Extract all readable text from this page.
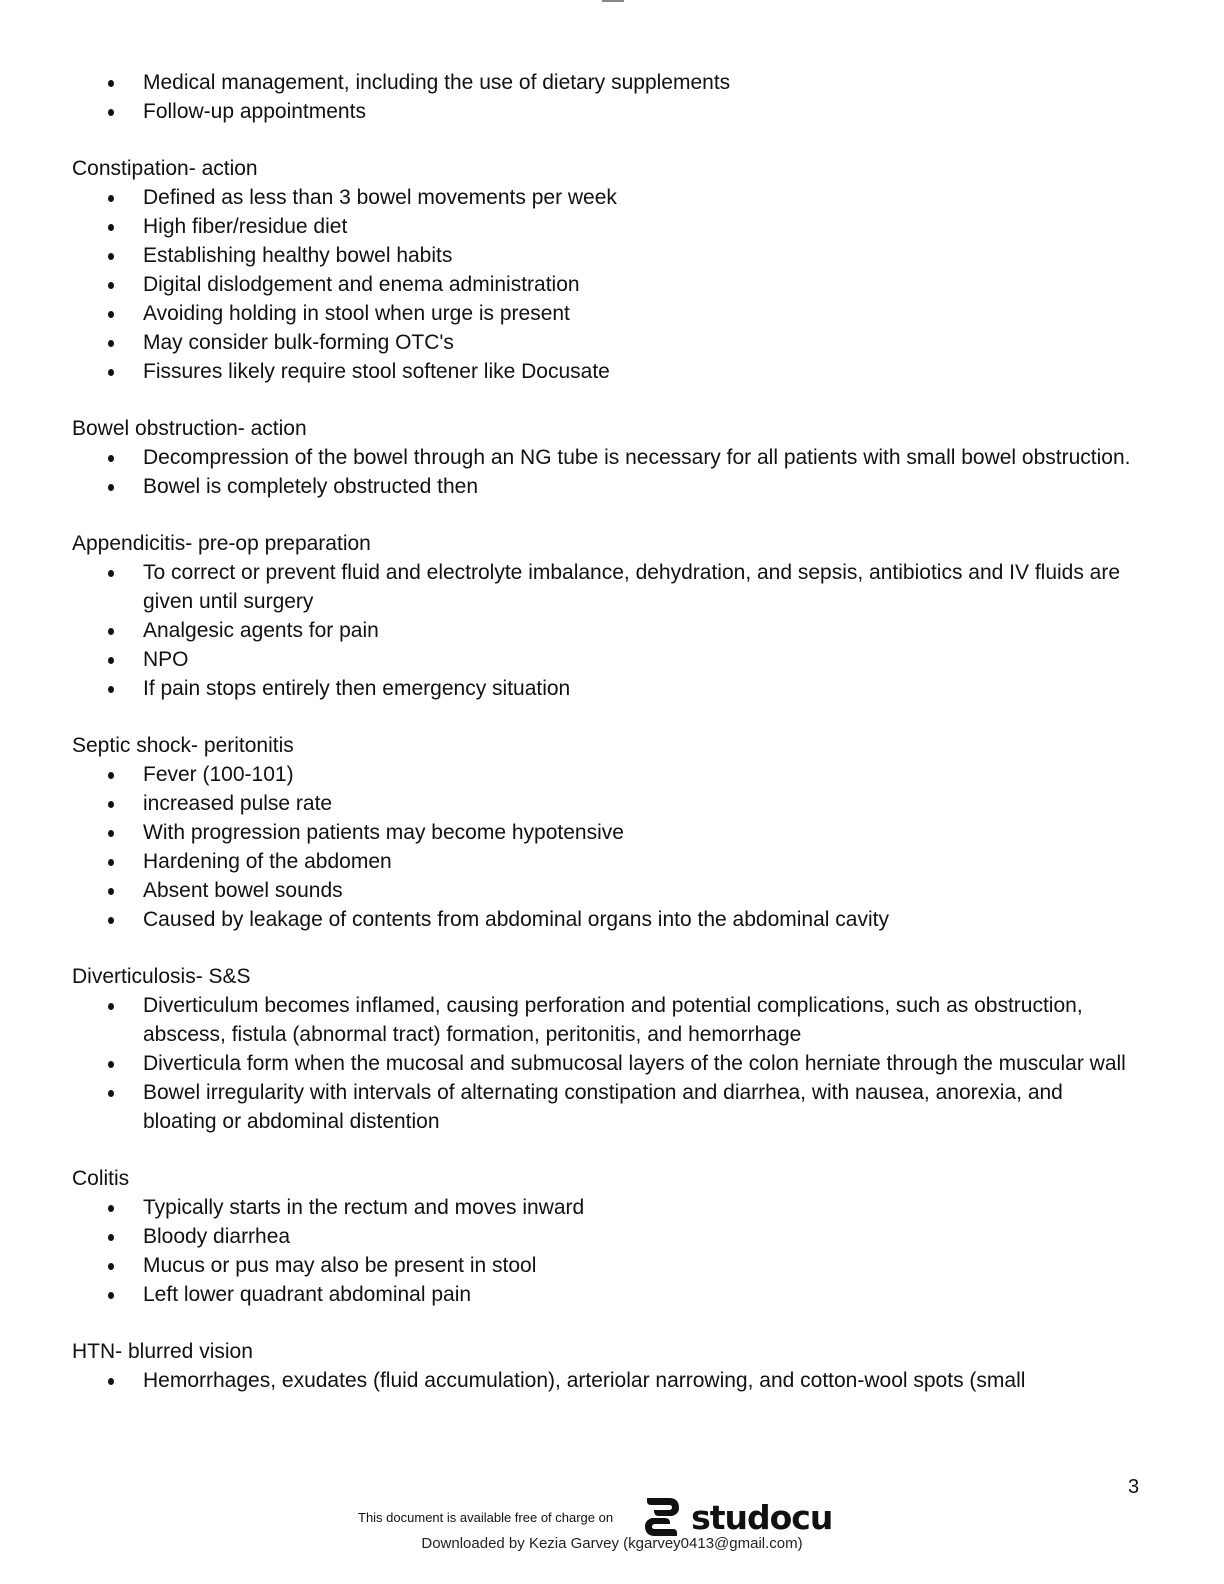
Medical management, including the use of dietary supplements
Follow-up appointments

Constipation- action

Defined as less than 3 bowel movements per week
High fiber/residue diet
Establishing healthy bowel habits
Digital dislodgement and enema administration
Avoiding holding in stool when urge is present
May consider bulk-forming OTC's
Fissures likely require stool softener like Docusate

Bowel obstruction- action

Decompression of the bowel through an NG tube is necessary for all patients with small bowel obstruction.
Bowel is completely obstructed then

Appendicitis- pre-op preparation

To correct or prevent fluid and electrolyte imbalance, dehydration, and sepsis, antibiotics and IV fluids are given until surgery
Analgesic agents for pain
NPO
If pain stops entirely then emergency situation

Septic shock- peritonitis

Fever (100-101)
increased pulse rate
With progression patients may become hypotensive
Hardening of the abdomen
Absent bowel sounds
Caused by leakage of contents from abdominal organs into the abdominal cavity

Diverticulosis- S&S

Diverticulum becomes inflamed, causing perforation and potential complications, such as obstruction, abscess, fistula (abnormal tract) formation, peritonitis, and hemorrhage
Diverticula form when the mucosal and submucosal layers of the colon herniate through the muscular wall
Bowel irregularity with intervals of alternating constipation and diarrhea, with nausea, anorexia, and bloating or abdominal distention

Colitis

Typically starts in the rectum and moves inward
Bloody diarrhea
Mucus or pus may also be present in stool
Left lower quadrant abdominal pain

HTN- blurred vision

Hemorrhages, exudates (fluid accumulation), arteriolar narrowing, and cotton-wool spots (small
3
This document is available free of charge on studocu
Downloaded by Kezia Garvey (kgarvey0413@gmail.com)
